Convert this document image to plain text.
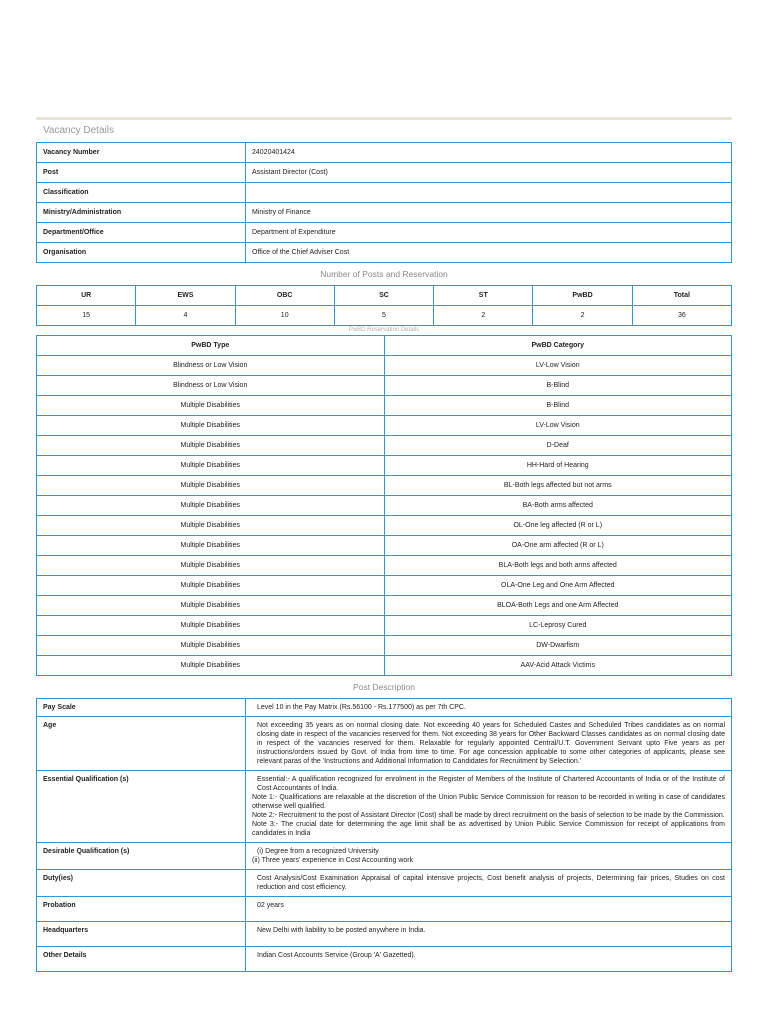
Vacancy Details
Vacancy Number	24020401424
Post	Assistant Director (Cost)
Classification	
Ministry/Administration	Ministry of Finance
Department/Office	Department of Expenditure
Organisation	Office of the Chief Adviser Cost
Number of Posts and Reservation
UR	EWS	OBC	SC	ST	PwBD	Total
15	4	10	5	2	2	36
PwBD Reservation Details
PwBD Type	PwBD Category
Blindness or Low Vision	LV-Low Vision
Blindness or Low Vision	B-Blind
Multiple Disabilities	B-Blind
Multiple Disabilities	LV-Low Vision
Multiple Disabilities	D-Deaf
Multiple Disabilities	HH-Hard of Hearing
Multiple Disabilities	BL-Both legs affected but not arms
Multiple Disabilities	BA-Both arms affected
Multiple Disabilities	OL-One leg affected (R or L)
Multiple Disabilities	OA-One arm affected (R or L)
Multiple Disabilities	BLA-Both legs and both arms affected
Multiple Disabilities	OLA-One Leg and One Arm Affected
Multiple Disabilities	BLOA-Both Legs and one Arm Affected
Multiple Disabilities	LC-Leprosy Cured
Multiple Disabilities	DW-Dwarfism
Multiple Disabilities	AAV-Acid Attack Victims
Post Description
Pay Scale	Level 10 in the Pay Matrix (Rs.56100 - Rs.177500) as per 7th CPC.

Age	Not exceeding 35 years as on normal closing date. Not exceeding 40 years for Scheduled Castes and Scheduled Tribes candidates as on normal closing date in respect of the vacancies reserved for them. Not exceeding 38 years for Other Backward Classes candidates as on normal closing date in respect of the vacancies reserved for them. Relaxable for regularly appointed Central/U.T. Government Servant upto Five years as per instructions/orders issued by Govt. of India from time to time. For age concession applicable to some other categories of applicants, please see relevant paras of the 'Instructions and Additional Information to Candidates for Recruitment by Selection.'

Essential Qualification (s)	Essential:- A qualification recognized for enrolment in the Register of Members of the Institute of Chartered Accountants of India or of the Institute of Cost Accountants of India.
Note 1:- Qualifications are relaxable at the discretion of the Union Public Service Commission for reason to be recorded in writing in case of candidates otherwise well qualified.
Note 2:- Recruitment to the post of Assistant Director (Cost) shall be made by direct recruitment on the basis of selection to be made by the Commission.
Note 3:- The crucial date for determining the age limit shall be as advertised by Union Public Service Commission for receipt of applications from candidates in India

Desirable Qualification (s)	(i) Degree from a recognized University
(ii) Three years' experience in Cost Accounting work

Duty(ies)	Cost Analysis/Cost Examination Appraisal of capital intensive projects, Cost benefit analysis of projects, Determining fair prices, Studies on cost reduction and cost efficiency.

Probation	02 years

Headquarters	New Delhi with liability to be posted anywhere in India.

Other Details	Indian Cost Accounts Service (Group 'A' Gazetted).
